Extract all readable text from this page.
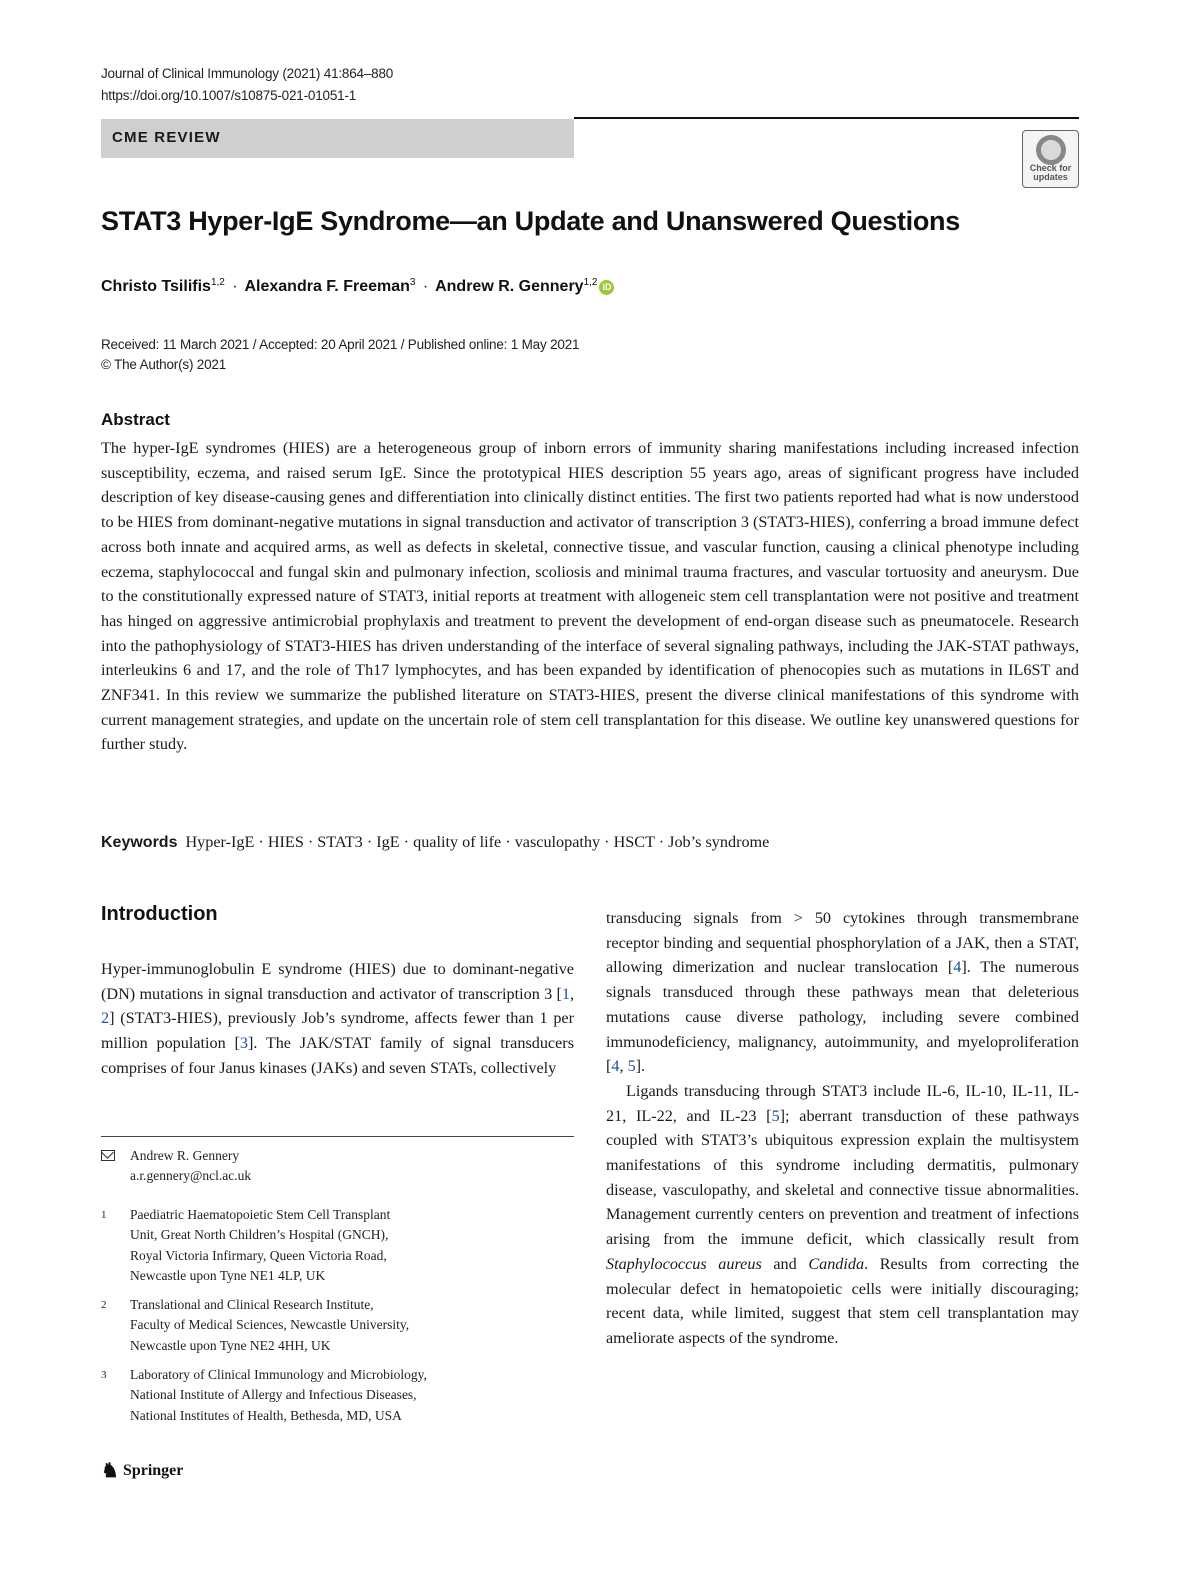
Journal of Clinical Immunology (2021) 41:864–880
https://doi.org/10.1007/s10875-021-01051-1
CME REVIEW
Check for updates
STAT3 Hyper-IgE Syndrome—an Update and Unanswered Questions
Christo Tsilifis$^{1,2}$ · Alexandra F. Freeman$^3$ · Andrew R. Gennery$^{1,2}$ iD
Received: 11 March 2021 / Accepted: 20 April 2021 / Published online: 1 May 2021
© The Author(s) 2021
Abstract

The hyper-IgE syndromes (HIES) are a heterogeneous group of inborn errors of immunity sharing manifestations including increased infection susceptibility, eczema, and raised serum IgE. Since the prototypical HIES description 55 years ago, areas of significant progress have included description of key disease-causing genes and differentiation into clinically distinct entities. The first two patients reported had what is now understood to be HIES from dominant-negative mutations in signal transduction and activator of transcription 3 (STAT3-HIES), conferring a broad immune defect across both innate and acquired arms, as well as defects in skeletal, connective tissue, and vascular function, causing a clinical phenotype including eczema, staphylococcal and fungal skin and pulmonary infection, scoliosis and minimal trauma fractures, and vascular tortuosity and aneurysm. Due to the constitutionally expressed nature of STAT3, initial reports at treatment with allogeneic stem cell transplantation were not positive and treatment has hinged on aggressive antimicrobial prophylaxis and treatment to prevent the development of end-organ disease such as pneumatocele. Research into the pathophysiology of STAT3-HIES has driven understanding of the interface of several signaling pathways, including the JAK-STAT pathways, interleukins 6 and 17, and the role of Th17 lymphocytes, and has been expanded by identification of phenocopies such as mutations in IL6ST and ZNF341. In this review we summarize the published literature on STAT3-HIES, present the diverse clinical manifestations of this syndrome with current management strategies, and update on the uncertain role of stem cell transplantation for this disease. We outline key unanswered questions for further study.

Keywords Hyper-IgE · HIES · STAT3 · IgE · quality of life · vasculopathy · HSCT · Job’s syndrome
Introduction

Hyper-immunoglobulin E syndrome (HIES) due to dominant-negative (DN) mutations in signal transduction and activator of transcription 3 [1, 2] (STAT3-HIES), previously Job’s syndrome, affects fewer than 1 per million population [3]. The JAK/STAT family of signal transducers comprises of four Janus kinases (JAKs) and seven STATs, collectively

transducing signals from > 50 cytokines through transmembrane receptor binding and sequential phosphorylation of a JAK, then a STAT, allowing dimerization and nuclear translocation [4]. The numerous signals transduced through these pathways mean that deleterious mutations cause diverse pathology, including severe combined immunodeficiency, malignancy, autoimmunity, and myeloproliferation [4, 5].

Ligands transducing through STAT3 include IL-6, IL-10, IL-11, IL-21, IL-22, and IL-23 [5]; aberrant transduction of these pathways coupled with STAT3’s ubiquitous expression explain the multisystem manifestations of this syndrome including dermatitis, pulmonary disease, vasculopathy, and skeletal and connective tissue abnormalities. Management currently centers on prevention and treatment of infections arising from the immune deficit, which classically result from Staphylococcus aureus and Candida. Results from correcting the molecular defect in hematopoietic cells were initially discouraging; recent data, while limited, suggest that stem cell transplantation may ameliorate aspects of the syndrome.

Andrew R. Gennery
a.r.gennery@ncl.ac.uk
1	Paediatric Haematopoietic Stem Cell Transplant
Unit, Great North Children’s Hospital (GNCH),
Royal Victoria Infirmary, Queen Victoria Road,
Newcastle upon Tyne NE1 4LP, UK
2	Translational and Clinical Research Institute,
Faculty of Medical Sciences, Newcastle University,
Newcastle upon Tyne NE2 4HH, UK
3	Laboratory of Clinical Immunology and Microbiology,
National Institute of Allergy and Infectious Diseases,
National Institutes of Health, Bethesda, MD, USA
♞ Springer
